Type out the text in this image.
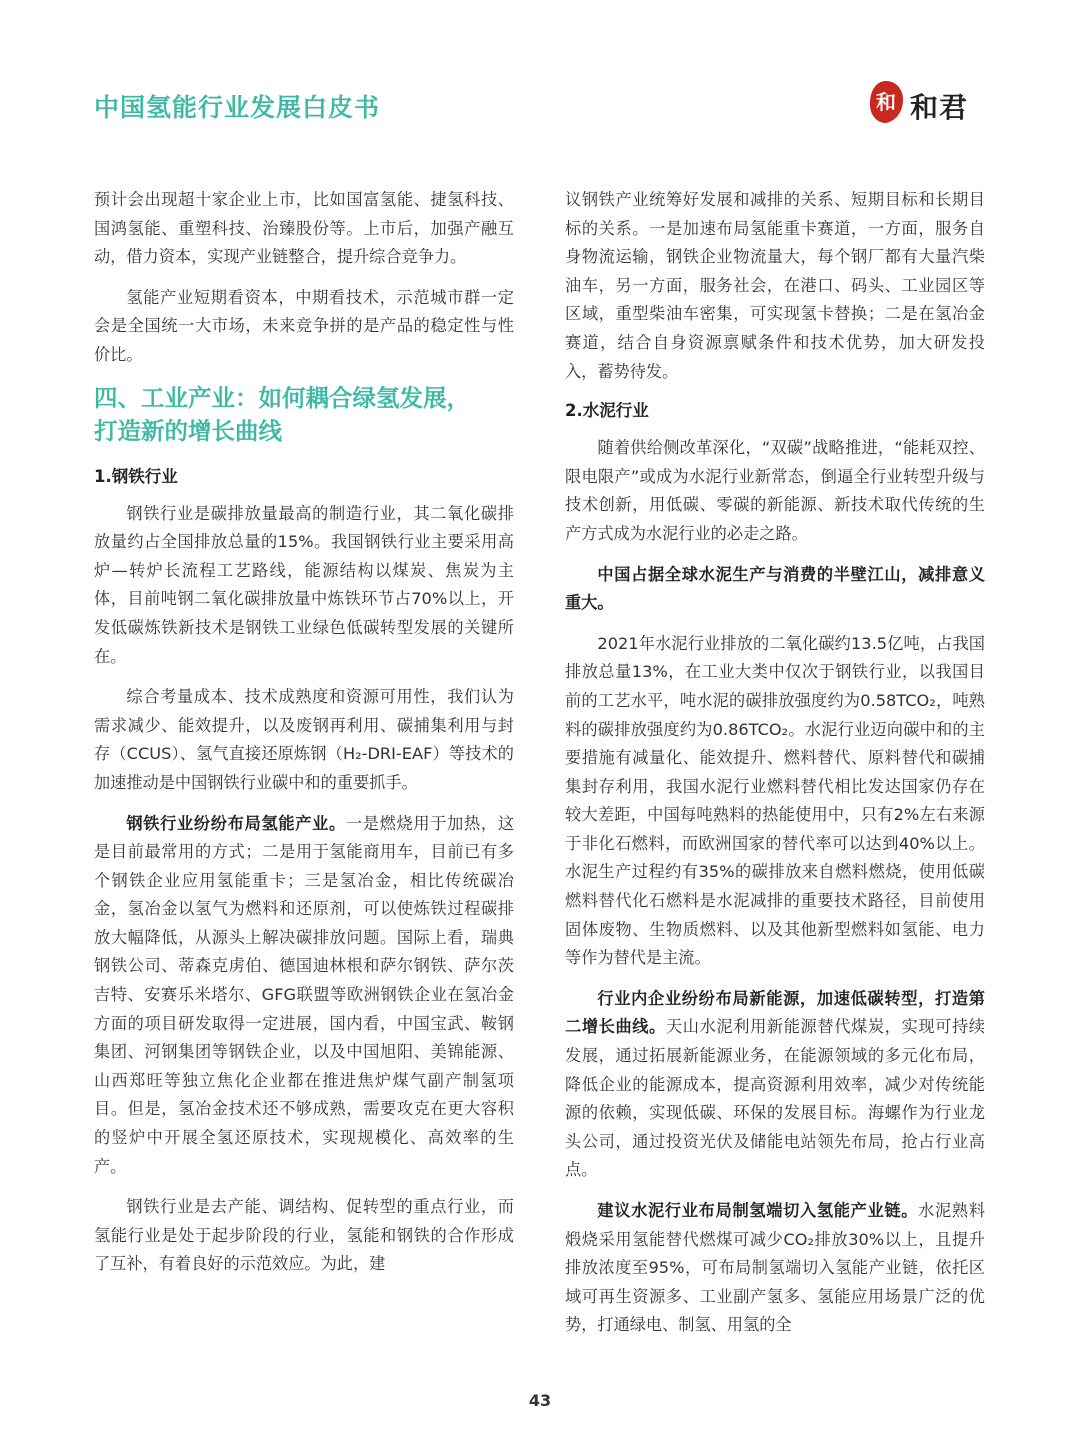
中国氢能行业发展白皮书	和 和君

预计会出现超十家企业上市，比如国富氢能、捷氢科技、国鸿氢能、重塑科技、治臻股份等。上市后，加强产融互动，借力资本，实现产业链整合，提升综合竞争力。

氢能产业短期看资本，中期看技术，示范城市群一定会是全国统一大市场，未来竞争拼的是产品的稳定性与性价比。

四、工业产业：如何耦合绿氢发展，
打造新的增长曲线
1.钢铁行业

钢铁行业是碳排放量最高的制造行业，其二氧化碳排放量约占全国排放总量的15%。我国钢铁行业主要采用高炉—转炉长流程工艺路线，能源结构以煤炭、焦炭为主体，目前吨钢二氧化碳排放量中炼铁环节占70%以上，开发低碳炼铁新技术是钢铁工业绿色低碳转型发展的关键所在。

综合考量成本、技术成熟度和资源可用性，我们认为需求减少、能效提升，以及废钢再利用、碳捕集利用与封存（CCUS）、氢气直接还原炼钢（H₂-DRI-EAF）等技术的加速推动是中国钢铁行业碳中和的重要抓手。

钢铁行业纷纷布局氢能产业。一是燃烧用于加热，这是目前最常用的方式；二是用于氢能商用车，目前已有多个钢铁企业应用氢能重卡；三是氢冶金，相比传统碳冶金，氢冶金以氢气为燃料和还原剂，可以使炼铁过程碳排放大幅降低，从源头上解决碳排放问题。国际上看，瑞典钢铁公司、蒂森克虏伯、德国迪林根和萨尔钢铁、萨尔茨吉特、安赛乐米塔尔、GFG联盟等欧洲钢铁企业在氢冶金方面的项目研发取得一定进展，国内看，中国宝武、鞍钢集团、河钢集团等钢铁企业，以及中国旭阳、美锦能源、山西郑旺等独立焦化企业都在推进焦炉煤气副产制氢项目。但是，氢冶金技术还不够成熟，需要攻克在更大容积的竖炉中开展全氢还原技术，实现规模化、高效率的生产。

钢铁行业是去产能、调结构、促转型的重点行业，而氢能行业是处于起步阶段的行业，氢能和钢铁的合作形成了互补，有着良好的示范效应。为此，建

议钢铁产业统筹好发展和减排的关系、短期目标和长期目标的关系。一是加速布局氢能重卡赛道，一方面，服务自身物流运输，钢铁企业物流量大，每个钢厂都有大量汽柴油车，另一方面，服务社会，在港口、码头、工业园区等区域，重型柴油车密集，可实现氢卡替换；二是在氢冶金赛道，结合自身资源禀赋条件和技术优势，加大研发投入，蓄势待发。

2.水泥行业

随着供给侧改革深化，“双碳”战略推进，“能耗双控、限电限产”或成为水泥行业新常态，倒逼全行业转型升级与技术创新，用低碳、零碳的新能源、新技术取代传统的生产方式成为水泥行业的必走之路。

中国占据全球水泥生产与消费的半壁江山，减排意义重大。

2021年水泥行业排放的二氧化碳约13.5亿吨，占我国排放总量13%，在工业大类中仅次于钢铁行业，以我国目前的工艺水平，吨水泥的碳排放强度约为0.58TCO₂，吨熟料的碳排放强度约为0.86TCO₂。水泥行业迈向碳中和的主要措施有减量化、能效提升、燃料替代、原料替代和碳捕集封存利用，我国水泥行业燃料替代相比发达国家仍存在较大差距，中国每吨熟料的热能使用中，只有2%左右来源于非化石燃料，而欧洲国家的替代率可以达到40%以上。水泥生产过程约有35%的碳排放来自燃料燃烧，使用低碳燃料替代化石燃料是水泥减排的重要技术路径，目前使用固体废物、生物质燃料、以及其他新型燃料如氢能、电力等作为替代是主流。

行业内企业纷纷布局新能源，加速低碳转型，打造第二增长曲线。天山水泥利用新能源替代煤炭，实现可持续发展，通过拓展新能源业务，在能源领域的多元化布局，降低企业的能源成本，提高资源利用效率，减少对传统能源的依赖，实现低碳、环保的发展目标。海螺作为行业龙头公司，通过投资光伏及储能电站领先布局，抢占行业高点。

建议水泥行业布局制氢端切入氢能产业链。水泥熟料煅烧采用氢能替代燃煤可减少CO₂排放30%以上，且提升排放浓度至95%，可布局制氢端切入氢能产业链，依托区域可再生资源多、工业副产氢多、氢能应用场景广泛的优势，打通绿电、制氢、用氢的全

43
